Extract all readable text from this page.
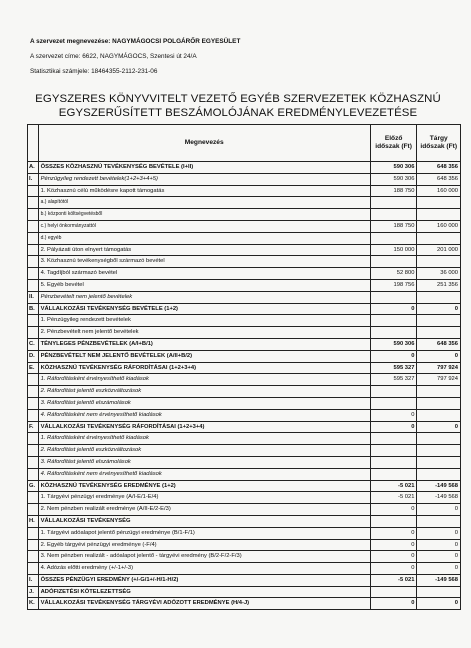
A szervezet megnevezése: NAGYMÁGOCSI POLGÁRŐR EGYESÜLET
A szervezet címe: 6622, NAGYMÁGOCS, Szentesi út 24/A
Statisztikai számjele: 18464355-2112-231-06
EGYSZERES KÖNYVVITELT VEZETŐ EGYÉB SZERVEZETEK KÖZHASZNÚ
EGYSZERŰSÍTETT BESZÁMOLÓJÁNAK EREDMÉNYLEVEZETÉSE
	Megnevezés	Előző időszak (Ft)	Tárgy időszak (Ft)
A.	ÖSSZES KÖZHASZNÚ TEVÉKENYSÉG BEVÉTELE (I+II)	590 306	648 356
I.	Pénzügyileg rendezett bevételek(1+2+3+4+5)	590 306	648 356
	1. Közhasznú célú működésre kapott támogatás	188 750	160 000
	a.) alapítótól		
	b.) központi költségvetésből		
	c.) helyi önkormányzattól	188 750	160 000
	d.) egyéb		
	2. Pályázati úton elnyert támogatás	150 000	201 000
	3. Közhasznú tevékenységből származó bevétel		
	4. Tagdíjból származó bevétel	52 800	36 000
	5. Egyéb bevétel	198 756	251 356
II.	Pénzbevételt nem jelentő bevételek		
B.	VÁLLALKOZÁSI TEVÉKENYSÉG BEVÉTELE (1+2)	0	0
	1. Pénzügyileg rendezett bevételek		
	2. Pénzbevételt nem jelentő bevételek		
C.	TÉNYLEGES PÉNZBEVÉTELEK (A/I+B/1)	590 306	648 356
D.	PÉNZBEVÉTELT NEM JELENTŐ BEVÉTELEK (A/II+B/2)	0	0
E.	KÖZHASZNÚ TEVÉKENYSÉG RÁFORDÍTÁSAI (1+2+3+4)	595 327	797 924
	1. Ráfordításként érvényesíthető kiadások	595 327	797 924
	2. Ráfordítást jelentő eszközváltozások		
	3. Ráfordítást jelentő elszámolások		
	4. Ráfordításként nem érvényesíthető kiadások	0	
F.	VÁLLALKOZÁSI TEVÉKENYSÉG RÁFORDÍTÁSAI (1+2+3+4)	0	0
	1. Ráfordításként érvényesíthető kiadások		
	2. Ráfordítást jelentő eszközváltozások		
	3. Ráfordítást jelentő elszámolások		
	4. Ráfordításként nem érvényesíthető kiadások		
G.	KÖZHASZNÚ TEVÉKENYSÉG EREDMÉNYE (1+2)	-5 021	-149 568
	1. Tárgyévi pénzügyi eredménye (A/I-E/1-E/4)	-5 021	-149 568
	2. Nem pénzben realizált eredménye (A/II-E/2-E/3)	0	0
H.	VÁLLALKOZÁSI TEVÉKENYSÉG		
	1. Tárgyévi adóalapot jelentő pénzügyi eredménye (B/1-F/1)	0	0
	2. Egyéb tárgyévi pénzügyi eredménye (-F/4)	0	0
	3. Nem pénzben realizált - adóalapot jelentő - tárgyévi eredmény (B/2-F/2-F/3)	0	0
	4. Adózás előtti eredmény (+/-1+/-3)	0	0
I.	ÖSSZES PÉNZÜGYI EREDMÉNY (+/-G/1+/-H/1-H/2)	-5 021	-149 568
J.	ADÓFIZETÉSI KÖTELEZETTSÉG		
K.	VÁLLALKOZÁSI TEVÉKENYSÉG TÁRGYÉVI ADÓZOTT EREDMÉNYE (H/4-J)	0	0
